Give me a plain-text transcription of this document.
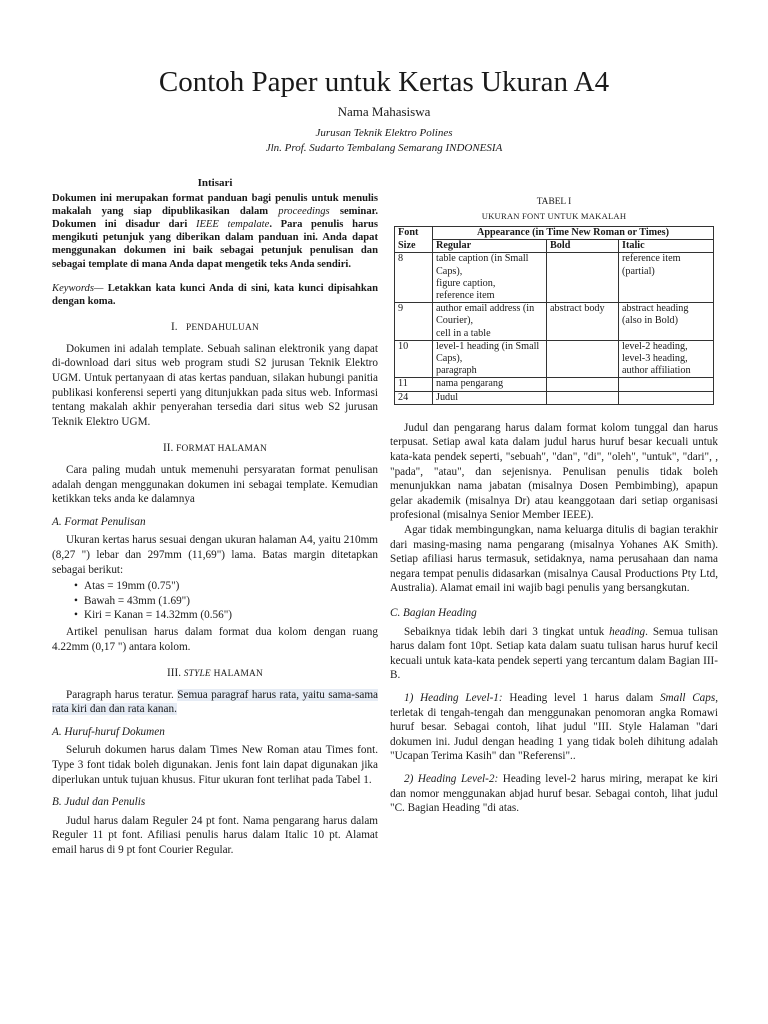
Contoh Paper untuk Kertas Ukuran A4
Nama Mahasiswa
Jurusan Teknik Elektro Polines
Jln. Prof. Sudarto Tembalang Semarang INDONESIA
Intisari

Dokumen ini merupakan format panduan bagi penulis untuk menulis makalah yang siap dipublikasikan dalam proceedings seminar. Dokumen ini disadur dari IEEE tempalate. Para penulis harus mengikuti petunjuk yang diberikan dalam panduan ini. Anda dapat menggunakan dokumen ini baik sebagai petunjuk penulisan dan sebagai template di mana Anda dapat mengetik teks Anda sendiri.

Keywords— Letakkan kata kunci Anda di sini, kata kunci dipisahkan dengan koma.

I. PENDAHULUAN

Dokumen ini adalah template. Sebuah salinan elektronik yang dapat di-download dari situs web program studi S2 jurusan Teknik Elektro UGM. Untuk pertanyaan di atas kertas panduan, silakan hubungi panitia publikasi konferensi seperti yang ditunjukkan pada situs web. Informasi tentang makalah akhir penyerahan tersedia dari situs web S2 jurusan Teknik Elektro UGM.

II. FORMAT HALAMAN

Cara paling mudah untuk memenuhi persyaratan format penulisan adalah dengan menggunakan dokumen ini sebagai template. Kemudian ketikkan teks anda ke dalamnya

A. Format Penulisan

Ukuran kertas harus sesuai dengan ukuran halaman A4, yaitu 210mm (8,27 ") lebar dan 297mm (11,69") lama. Batas margin ditetapkan sebagai berikut:

• Atas = 19mm (0.75")
• Bawah = 43mm (1.69")
• Kiri = Kanan = 14.32mm (0.56")

Artikel penulisan harus dalam format dua kolom dengan ruang 4.22mm (0,17 ") antara kolom.

III. STYLE HALAMAN

Paragraph harus teratur. Semua paragraf harus rata, yaitu sama-sama rata kiri dan dan rata kanan.

A. Huruf-huruf Dokumen

Seluruh dokumen harus dalam Times New Roman atau Times font. Type 3 font tidak boleh digunakan. Jenis font lain dapat digunakan jika diperlukan untuk tujuan khusus. Fitur ukuran font terlihat pada Tabel 1.

B. Judul dan Penulis

Judul harus dalam Reguler 24 pt font. Nama pengarang harus dalam Reguler 11 pt font. Afiliasi penulis harus dalam Italic 10 pt. Alamat email harus di 9 pt font Courier Regular.

TABEL I
UKURAN FONT UNTUK MAKALAH
Font	Appearance (in Time New Roman or Times)		
Size	Regular	Bold	Italic
8	table caption (in Small Caps),
figure caption,
reference item		reference item (partial)
9	author email address (in Courier),
cell in a table	abstract body	abstract heading (also in Bold)
10	level-1 heading (in Small Caps),
paragraph		level-2 heading,
level-3 heading,
author affiliation
11	nama pengarang		
24	Judul		

Judul dan pengarang harus dalam format kolom tunggal dan harus terpusat. Setiap awal kata dalam judul harus huruf besar kecuali untuk kata-kata pendek seperti, "sebuah", "dan", "di", "oleh", "untuk", "dari", , "pada", "atau", dan sejenisnya. Penulisan penulis tidak boleh menunjukkan nama jabatan (misalnya Dosen Pembimbing), apapun gelar akademik (misalnya Dr) atau keanggotaan dari setiap organisasi profesional (misalnya Senior Member IEEE).

Agar tidak membingungkan, nama keluarga ditulis di bagian terakhir dari masing-masing nama pengarang (misalnya Yohanes AK Smith). Setiap afiliasi harus termasuk, setidaknya, nama perusahaan dan nama negara tempat penulis didasarkan (misalnya Causal Productions Pty Ltd, Australia). Alamat email ini wajib bagi penulis yang bersangkutan.

C. Bagian Heading

Sebaiknya tidak lebih dari 3 tingkat untuk heading. Semua tulisan harus dalam font 10pt. Setiap kata dalam suatu tulisan harus huruf kecil kecuali untuk kata-kata pendek seperti yang tercantum dalam Bagian III-B.

1) Heading Level-1: Heading level 1 harus dalam Small Caps, terletak di tengah-tengah dan menggunakan penomoran angka Romawi huruf besar. Sebagai contoh, lihat judul "III. Style Halaman "dari dokumen ini. Judul dengan heading 1 yang tidak boleh dihitung adalah "Ucapan Terima Kasih" dan "Referensi"..

2) Heading Level-2: Heading level-2 harus miring, merapat ke kiri dan nomor menggunakan abjad huruf besar. Sebagai contoh, lihat judul "C. Bagian Heading "di atas.
